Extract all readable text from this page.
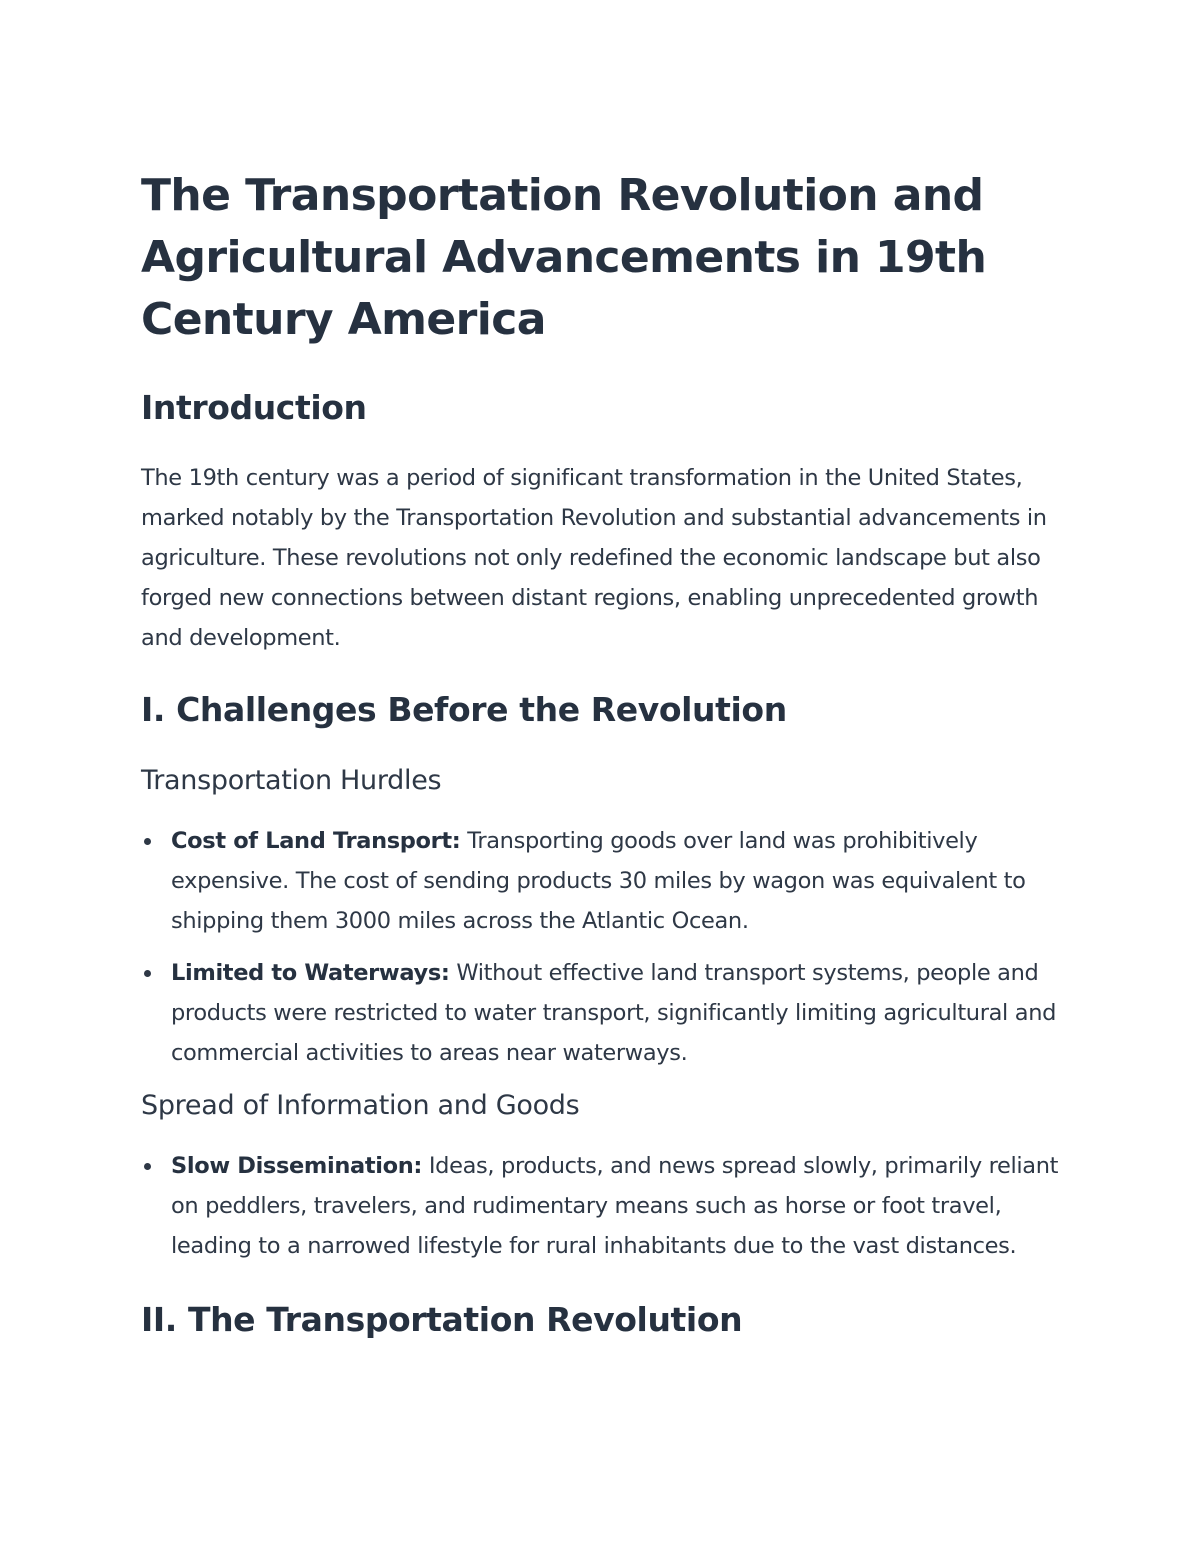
The Transportation Revolution and Agricultural Advancements in 19th Century America
Introduction

The 19th century was a period of significant transformation in the United States, marked notably by the Transportation Revolution and substantial advancements in agriculture. These revolutions not only redefined the economic landscape but also forged new connections between distant regions, enabling unprecedented growth and development.

I. Challenges Before the Revolution
Transportation Hurdles
Cost of Land Transport: Transporting goods over land was prohibitively expensive. The cost of sending products 30 miles by wagon was equivalent to shipping them 3000 miles across the Atlantic Ocean.
Limited to Waterways: Without effective land transport systems, people and products were restricted to water transport, significantly limiting agricultural and commercial activities to areas near waterways.
Spread of Information and Goods
Slow Dissemination: Ideas, products, and news spread slowly, primarily reliant on peddlers, travelers, and rudimentary means such as horse or foot travel, leading to a narrowed lifestyle for rural inhabitants due to the vast distances.
II. The Transportation Revolution
